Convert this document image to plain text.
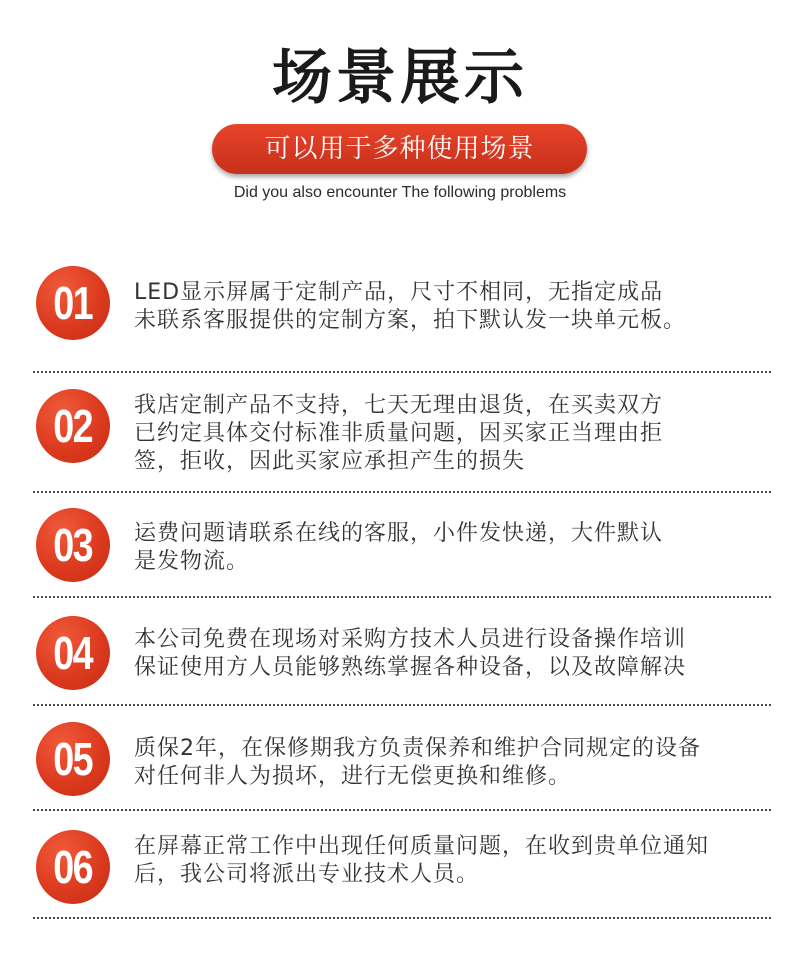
场景展示
可以用于多种使用场景
Did you also encounter The following problems
01 LED显示屏属于定制产品，尺寸不相同，无指定成品
未联系客服提供的定制方案，拍下默认发一块单元板。
02 我店定制产品不支持，七天无理由退货，在买卖双方
已约定具体交付标准非质量问题，因买家正当理由拒
签，拒收，因此买家应承担产生的损失
03 运费问题请联系在线的客服，小件发快递，大件默认
是发物流。
04 本公司免费在现场对采购方技术人员进行设备操作培训
保证使用方人员能够熟练掌握各种设备，以及故障解决
05 质保2年，在保修期我方负责保养和维护合同规定的设备
对任何非人为损坏，进行无偿更换和维修。
06 在屏幕正常工作中出现任何质量问题，在收到贵单位通知
后，我公司将派出专业技术人员。
